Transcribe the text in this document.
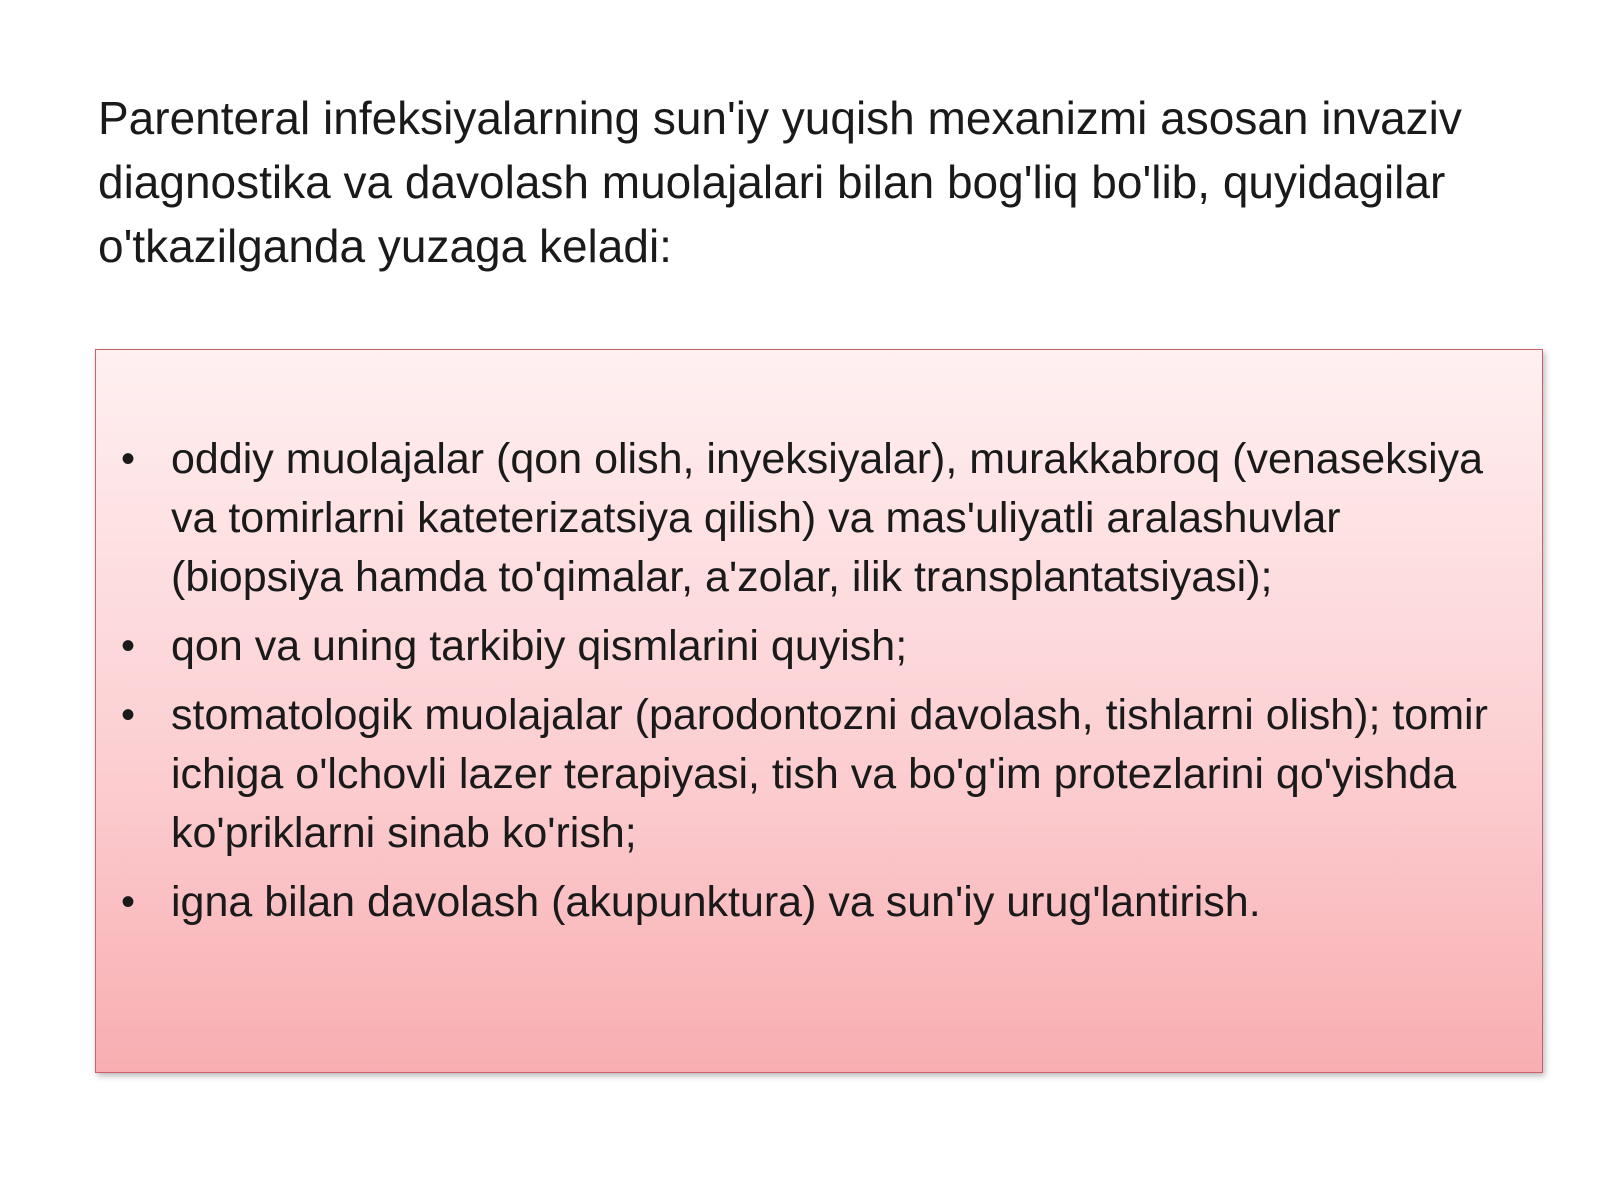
Parenteral infeksiyalarning sun'iy yuqish mexanizmi asosan invaziv diagnostika va davolash muolajalari bilan bog'liq bo'lib, quyidagilar o'tkazilganda yuzaga keladi:

• oddiy muolajalar (qon olish, inyeksiyalar), murakkabroq (venaseksiya va tomirlarni kateterizatsiya qilish) va mas'uliyatli aralashuvlar (biopsiya hamda to'qimalar, a'zolar, ilik transplantatsiyasi);
• qon va uning tarkibiy qismlarini quyish;
• stomatologik muolajalar (parodontozni davolash, tishlarni olish); tomir ichiga o'lchovli lazer terapiyasi, tish va bo'g'im protezlarini qo'yishda ko'priklarni sinab ko'rish;
• igna bilan davolash (akupunktura) va sun'iy urug'lantirish.
